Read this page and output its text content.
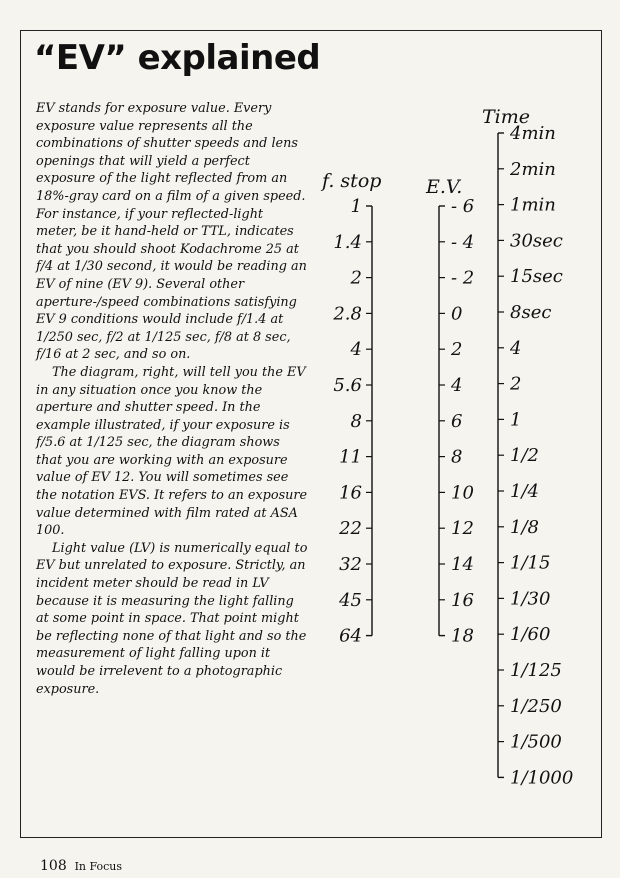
“EV” explained

EV stands for exposure value. Every exposure value represents all the combinations of shutter speeds and lens openings that will yield a perfect exposure of the light reflected from an 18%-gray card on a film of a given speed. For instance, if your reflected-light meter, be it hand-held or TTL, indicates that you should shoot Kodachrome 25 at f/4 at 1/30 second, it would be reading an EV of nine (EV 9). Several other aperture-/speed combinations satisfying EV 9 conditions would include f/1.4 at 1/250 sec, f/2 at 1/125 sec, f/8 at 8 sec, f/16 at 2 sec, and so on.

The diagram, right, will tell you the EV in any situation once you know the aperture and shutter speed. In the example illustrated, if your exposure is f/5.6 at 1/125 sec, the diagram shows that you are working with an exposure value of EV 12. You will sometimes see the notation EVS. It refers to an exposure value determined with film rated at ASA 100.

Light value (LV) is numerically equal to EV but unrelated to exposure. Strictly, an incident meter should be read in LV because it is measuring the light falling at some point in space. That point might be reflecting none of that light and so the measurement of light falling upon it would be irrelevent to a photographic exposure.

f. stop E.V.
Time
1
1.4
2
2.8
4
5.6
8
11
16
22
32
45
64
- 6
- 4
- 2
0
2
4
6
8
10
12
14
16
18
4min
2min
1min
30sec
15sec
8sec
4
2
1
1/2
1/4
1/8
1/15
1/30
1/60
1/125
1/250
1/500
1/1000
108 In Focus
